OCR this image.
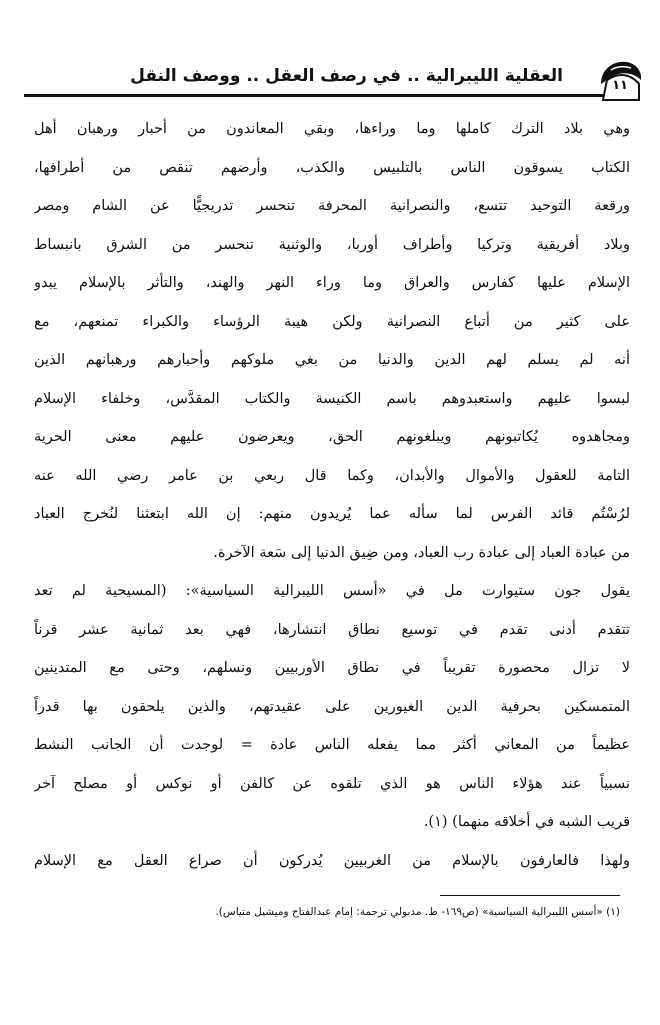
١١
العقلية الليبرالية .. في رصف العقل .. ووصف النقل
وهي بلاد الترك كاملها وما وراءها، وبقي المعاندون من أحبار ورهبان أهل
الكتاب يسوقون الناس بالتلبيس والكذب، وأرضهم تنقص من أطرافها،
ورقعة التوحيد تتسع، والنصرانية المحرفة تنحسر تدريجيًّا عن الشام ومصر
وبلاد أفريقية وتركيا وأطراف أوربا، والوثنية تنحسر من الشرق بانبساط
الإسلام عليها كفارس والعراق وما وراء النهر والهند، والتأثر بالإسلام يبدو
على كثير من أتباع النصرانية ولكن هيبة الرؤساء والكبراء تمنعهم، مع
أنه لم يسلم لهم الدين والدنيا من بغي ملوكهم وأحبارهم ورهبانهم الذين
لبسوا عليهم واستعبدوهم باسم الكنيسة والكتاب المقدَّس، وخلفاء الإسلام
ومجاهدوه يُكاتبونهم ويبلغونهم الحق، ويعرضون عليهم معنى الحرية
التامة للعقول والأموال والأبدان، وكما قال ربعي بن عامر رضي الله عنه
لرُسْتُم قائد الفرس لما سأله عما يُريدون منهم: إن الله ابتعثنا لنُخرج العباد
من عبادة العباد إلى عبادة رب العباد، ومن ضِيق الدنيا إلى سَعة الآخرة.
يقول جون ستيوارت مل في «أسس الليبرالية السياسية»: (المسيحية لم تعد
تتقدم أدنى تقدم في توسيع نطاق انتشارها، فهي بعد ثمانية عشر قرناً
لا تزال محصورة تقريباً في نطاق الأوربيين ونسلهم، وحتى مع المتدينين
المتمسكين بحرفية الدين الغيورين على عقيدتهم، والذين يلحقون بها قدراً
عظيماً من المعاني أكثر مما يفعله الناس عادة = لوجدت أن الجانب النشط
نسبياً عند هؤلاء الناس هو الذي تلقوه عن كالفن أو نوكس أو مصلح آخر
قريب الشبه في أخلاقه منهما) (١).
ولهذا فالعارفون بالإسلام من الغربيين يُدركون أن صراع العقل مع الإسلام
(١) «أسس الليبرالية السياسية» (ص١٦٩- ط. مدبولي ترجمة: إمام عبدالفتاح وميشيل متياس).
